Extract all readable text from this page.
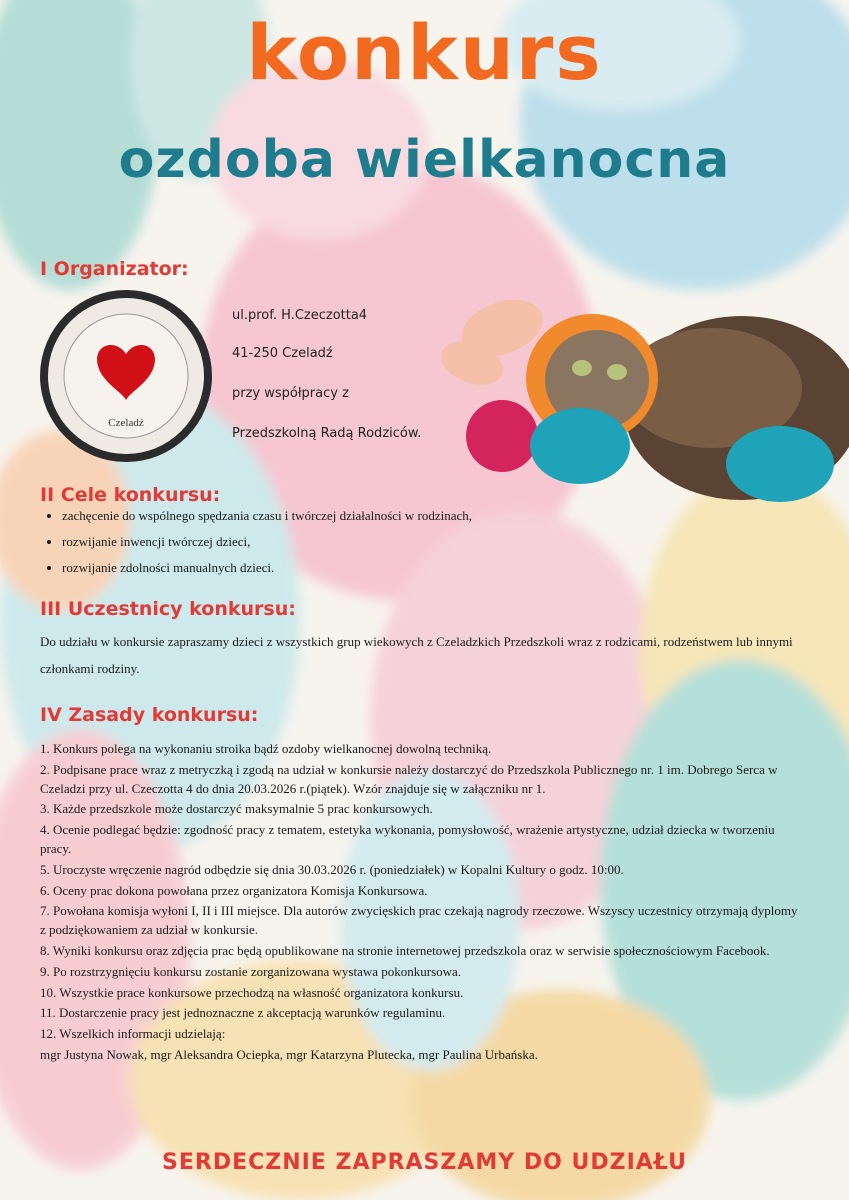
konkurs
ozdoba wielkanocna
I Organizator:
Czeladź
ul.prof. H.Czeczotta4
41-250 Czeladź
przy współpracy z
Przedszkolną Radą Rodziców.
II Cele konkursu:
• zachęcenie do wspólnego spędzania czasu i twórczej działalności w rodzinach,
• rozwijanie inwencji twórczej dzieci,
• rozwijanie zdolności manualnych dzieci.
III Uczestnicy konkursu:
Do udziału w konkursie zapraszamy dzieci z wszystkich grup wiekowych z Czeladzkich Przedszkoli wraz z rodzicami, rodzeństwem lub innymi członkami rodziny.
IV Zasady konkursu:
1. Konkurs polega na wykonaniu stroika bądź ozdoby wielkanocnej dowolną techniką.
2. Podpisane prace wraz z metryczką i zgodą na udział w konkursie należy dostarczyć do Przedszkola Publicznego nr. 1 im. Dobrego Serca w Czeladzi przy ul. Czeczotta 4 do dnia 20.03.2026 r.(piątek). Wzór znajduje się w załączniku nr 1.
3. Każde przedszkole może dostarczyć maksymalnie 5 prac konkursowych.
4. Ocenie podlegać będzie: zgodność pracy z tematem, estetyka wykonania, pomysłowość, wrażenie artystyczne, udział dziecka w tworzeniu pracy.
5. Uroczyste wręczenie nagród odbędzie się dnia 30.03.2026 r. (poniedziałek) w Kopalni Kultury o godz. 10:00.
6. Oceny prac dokona powołana przez organizatora Komisja Konkursowa.
7. Powołana komisja wyłoni I, II i III miejsce. Dla autorów zwycięskich prac czekają nagrody rzeczowe. Wszyscy uczestnicy otrzymają dyplomy z podziękowaniem za udział w konkursie.
8. Wyniki konkursu oraz zdjęcia prac będą opublikowane na stronie internetowej przedszkola oraz w serwisie społecznościowym Facebook.
9. Po rozstrzygnięciu konkursu zostanie zorganizowana wystawa pokonkursowa.
10. Wszystkie prace konkursowe przechodzą na własność organizatora konkursu.
11. Dostarczenie pracy jest jednoznaczne z akceptacją warunków regulaminu.
12. Wszelkich informacji udzielają:
mgr Justyna Nowak, mgr Aleksandra Ociepka, mgr Katarzyna Plutecka, mgr Paulina Urbańska.
SERDECZNIE ZAPRASZAMY DO UDZIAŁU
